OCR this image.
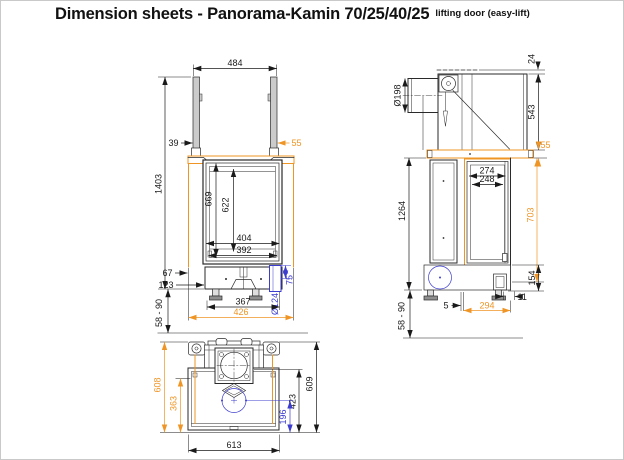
Dimension sheets - Panorama-Kamin 70/25/40/25 lifting door (easy-lift)
484
1403
39	55
669 622
404
392
67
123	75
Ø124
367
426
58 - 90
24
Ø198
543
55
1264
274
248
703
154
11
5	294
58 - 90
608
363
609
423
196
613
